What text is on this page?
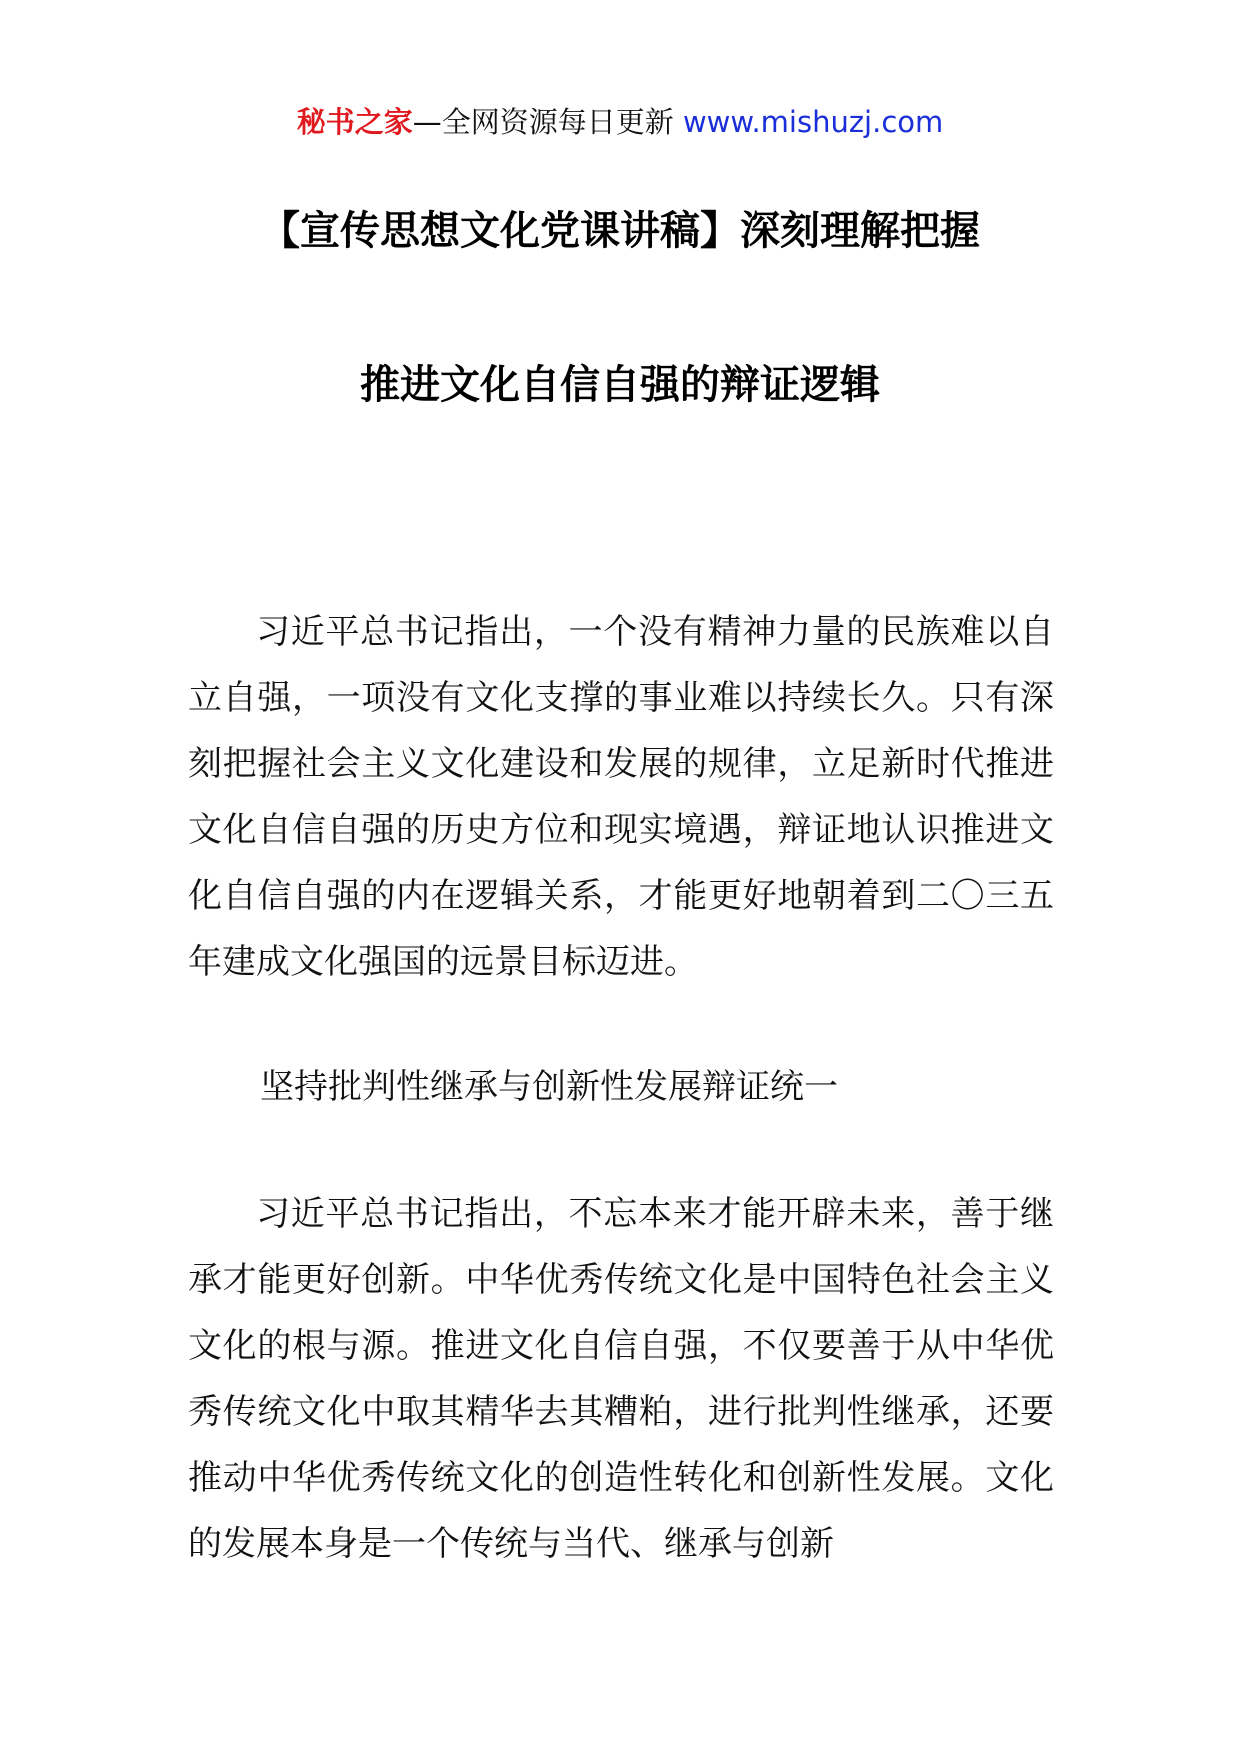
秘书之家—全网资源每日更新 www.mishuzj.com
【宣传思想文化党课讲稿】深刻理解把握
推进文化自信自强的辩证逻辑

习近平总书记指出，一个没有精神力量的民族难以自立自强，一项没有文化支撑的事业难以持续长久。只有深刻把握社会主义文化建设和发展的规律，立足新时代推进文化自信自强的历史方位和现实境遇，辩证地认识推进文化自信自强的内在逻辑关系，才能更好地朝着到二〇三五年建成文化强国的远景目标迈进。

坚持批判性继承与创新性发展辩证统一

习近平总书记指出，不忘本来才能开辟未来，善于继承才能更好创新。中华优秀传统文化是中国特色社会主义文化的根与源。推进文化自信自强，不仅要善于从中华优秀传统文化中取其精华去其糟粕，进行批判性继承，还要推动中华优秀传统文化的创造性转化和创新性发展。文化的发展本身是一个传统与当代、继承与创新
